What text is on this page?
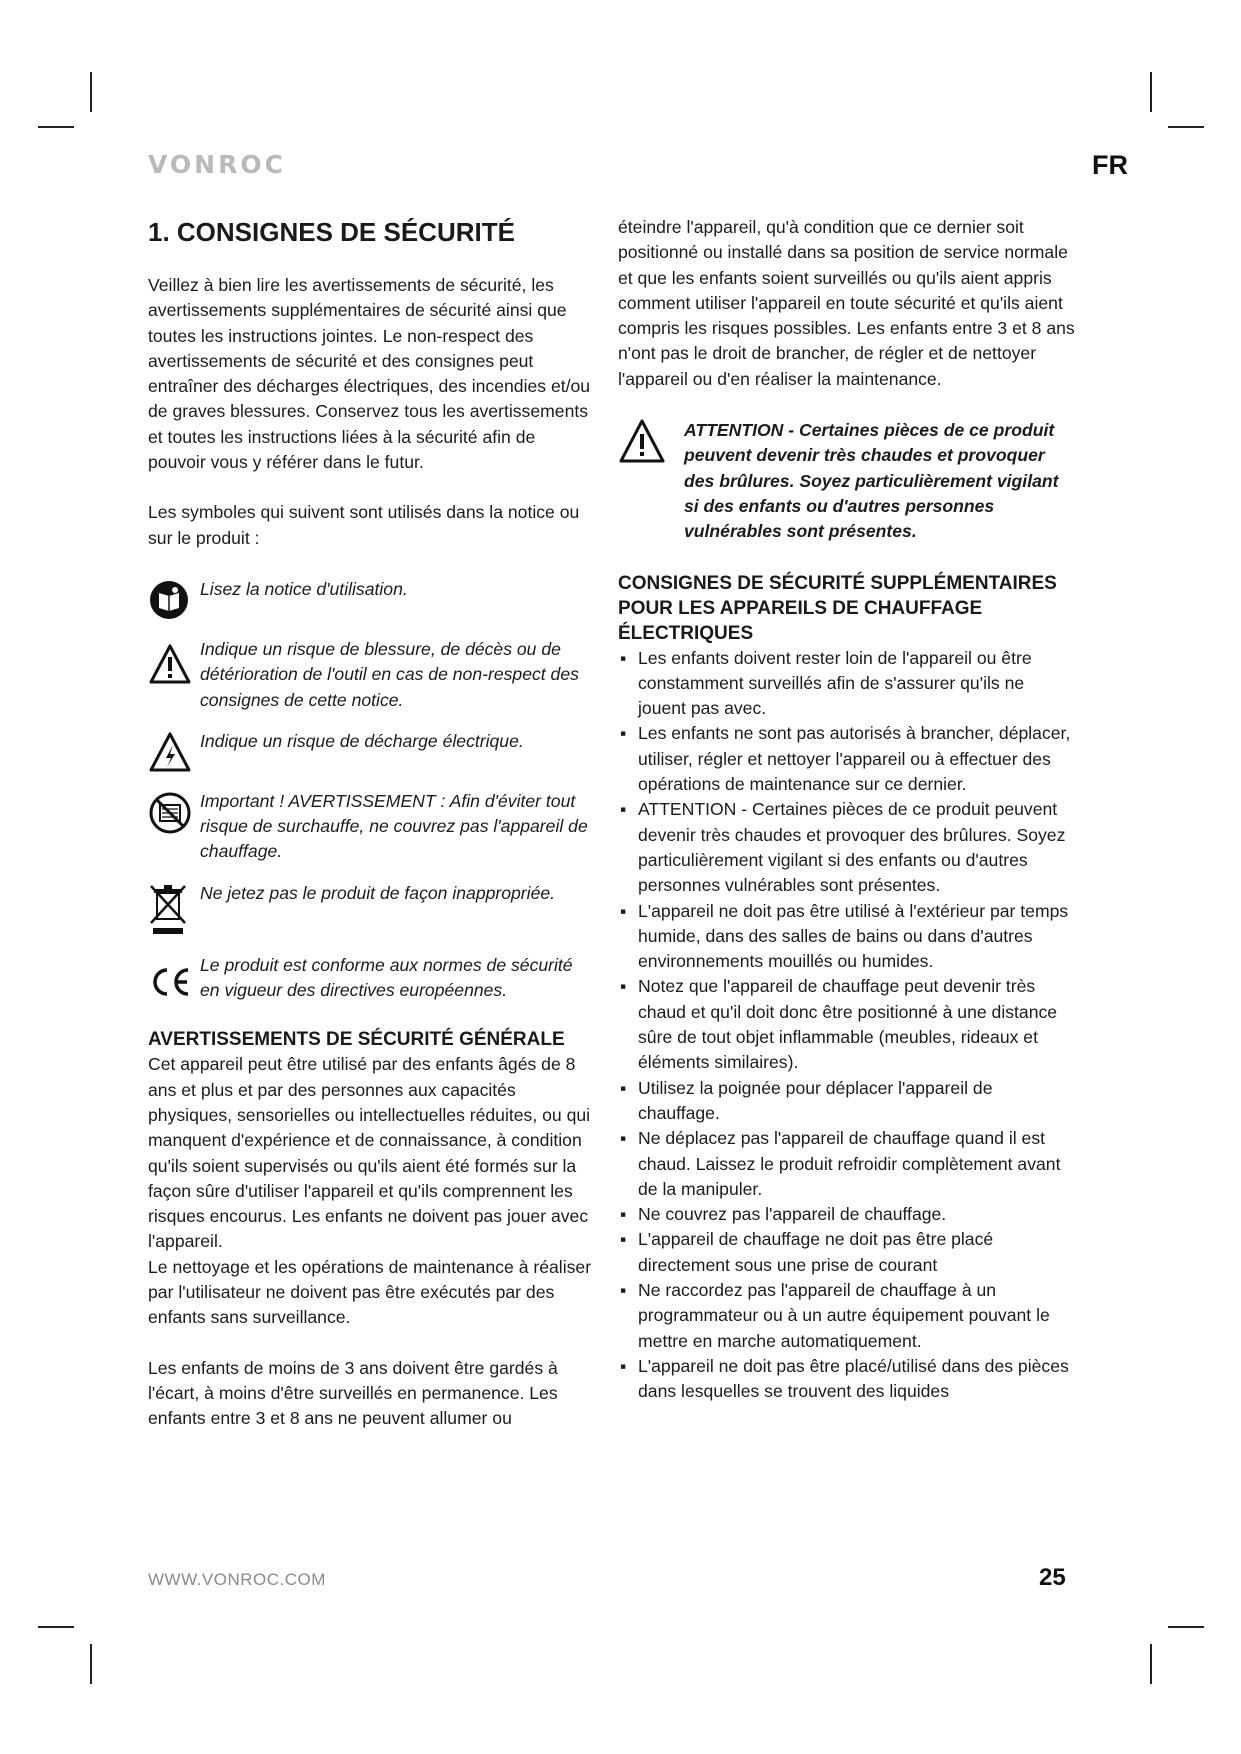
VONROC	FR
1. CONSIGNES DE SÉCURITÉ

Veillez à bien lire les avertissements de sécurité, les avertissements supplémentaires de sécurité ainsi que toutes les instructions jointes. Le non-respect des avertissements de sécurité et des consignes peut entraîner des décharges électriques, des incendies et/ou de graves blessures. Conservez tous les avertissements et toutes les instructions liées à la sécurité afin de pouvoir vous y référer dans le futur.

Les symboles qui suivent sont utilisés dans la notice ou sur le produit :

Lisez la notice d'utilisation.
Indique un risque de blessure, de décès ou de détérioration de l'outil en cas de non-respect des consignes de cette notice.
Indique un risque de décharge électrique.
Important ! AVERTISSEMENT : Afin d'éviter tout risque de surchauffe, ne couvrez pas l'appareil de chauffage.
Ne jetez pas le produit de façon inappropriée.
Le produit est conforme aux normes de sécurité en vigueur des directives européennes.
AVERTISSEMENTS DE SÉCURITÉ GÉNÉRALE

Cet appareil peut être utilisé par des enfants âgés de 8 ans et plus et par des personnes aux capacités physiques, sensorielles ou intellectuelles réduites, ou qui manquent d'expérience et de connaissance, à condition qu'ils soient supervisés ou qu'ils aient été formés sur la façon sûre d'utiliser l'appareil et qu'ils comprennent les risques encourus. Les enfants ne doivent pas jouer avec l'appareil.

Le nettoyage et les opérations de maintenance à réaliser par l'utilisateur ne doivent pas être exécutés par des enfants sans surveillance.

Les enfants de moins de 3 ans doivent être gardés à l'écart, à moins d'être surveillés en permanence. Les enfants entre 3 et 8 ans ne peuvent allumer ou

éteindre l'appareil, qu'à condition que ce dernier soit positionné ou installé dans sa position de service normale et que les enfants soient surveillés ou qu'ils aient appris comment utiliser l'appareil en toute sécurité et qu'ils aient compris les risques possibles. Les enfants entre 3 et 8 ans n'ont pas le droit de brancher, de régler et de nettoyer l'appareil ou d'en réaliser la maintenance.

ATTENTION - Certaines pièces de ce produit peuvent devenir très chaudes et provoquer des brûlures. Soyez particulièrement vigilant si des enfants ou d'autres personnes vulnérables sont présentes.
CONSIGNES DE SÉCURITÉ SUPPLÉMENTAIRES POUR LES APPAREILS DE CHAUFFAGE ÉLECTRIQUES
▪ Les enfants doivent rester loin de l'appareil ou être constamment surveillés afin de s'assurer qu'ils ne jouent pas avec.
▪ Les enfants ne sont pas autorisés à brancher, déplacer, utiliser, régler et nettoyer l'appareil ou à effectuer des opérations de maintenance sur ce dernier.
▪ ATTENTION - Certaines pièces de ce produit peuvent devenir très chaudes et provoquer des brûlures. Soyez particulièrement vigilant si des enfants ou d'autres personnes vulnérables sont présentes.
▪ L'appareil ne doit pas être utilisé à l'extérieur par temps humide, dans des salles de bains ou dans d'autres environnements mouillés ou humides.
▪ Notez que l'appareil de chauffage peut devenir très chaud et qu'il doit donc être positionné à une distance sûre de tout objet inflammable (meubles, rideaux et éléments similaires).
▪ Utilisez la poignée pour déplacer l'appareil de chauffage.
▪ Ne déplacez pas l'appareil de chauffage quand il est chaud. Laissez le produit refroidir complètement avant de la manipuler.
▪ Ne couvrez pas l'appareil de chauffage.
▪ L'appareil de chauffage ne doit pas être placé directement sous une prise de courant
▪ Ne raccordez pas l'appareil de chauffage à un programmateur ou à un autre équipement pouvant le mettre en marche automatiquement.
▪ L'appareil ne doit pas être placé/utilisé dans des pièces dans lesquelles se trouvent des liquides
WWW.VONROC.COM	25
